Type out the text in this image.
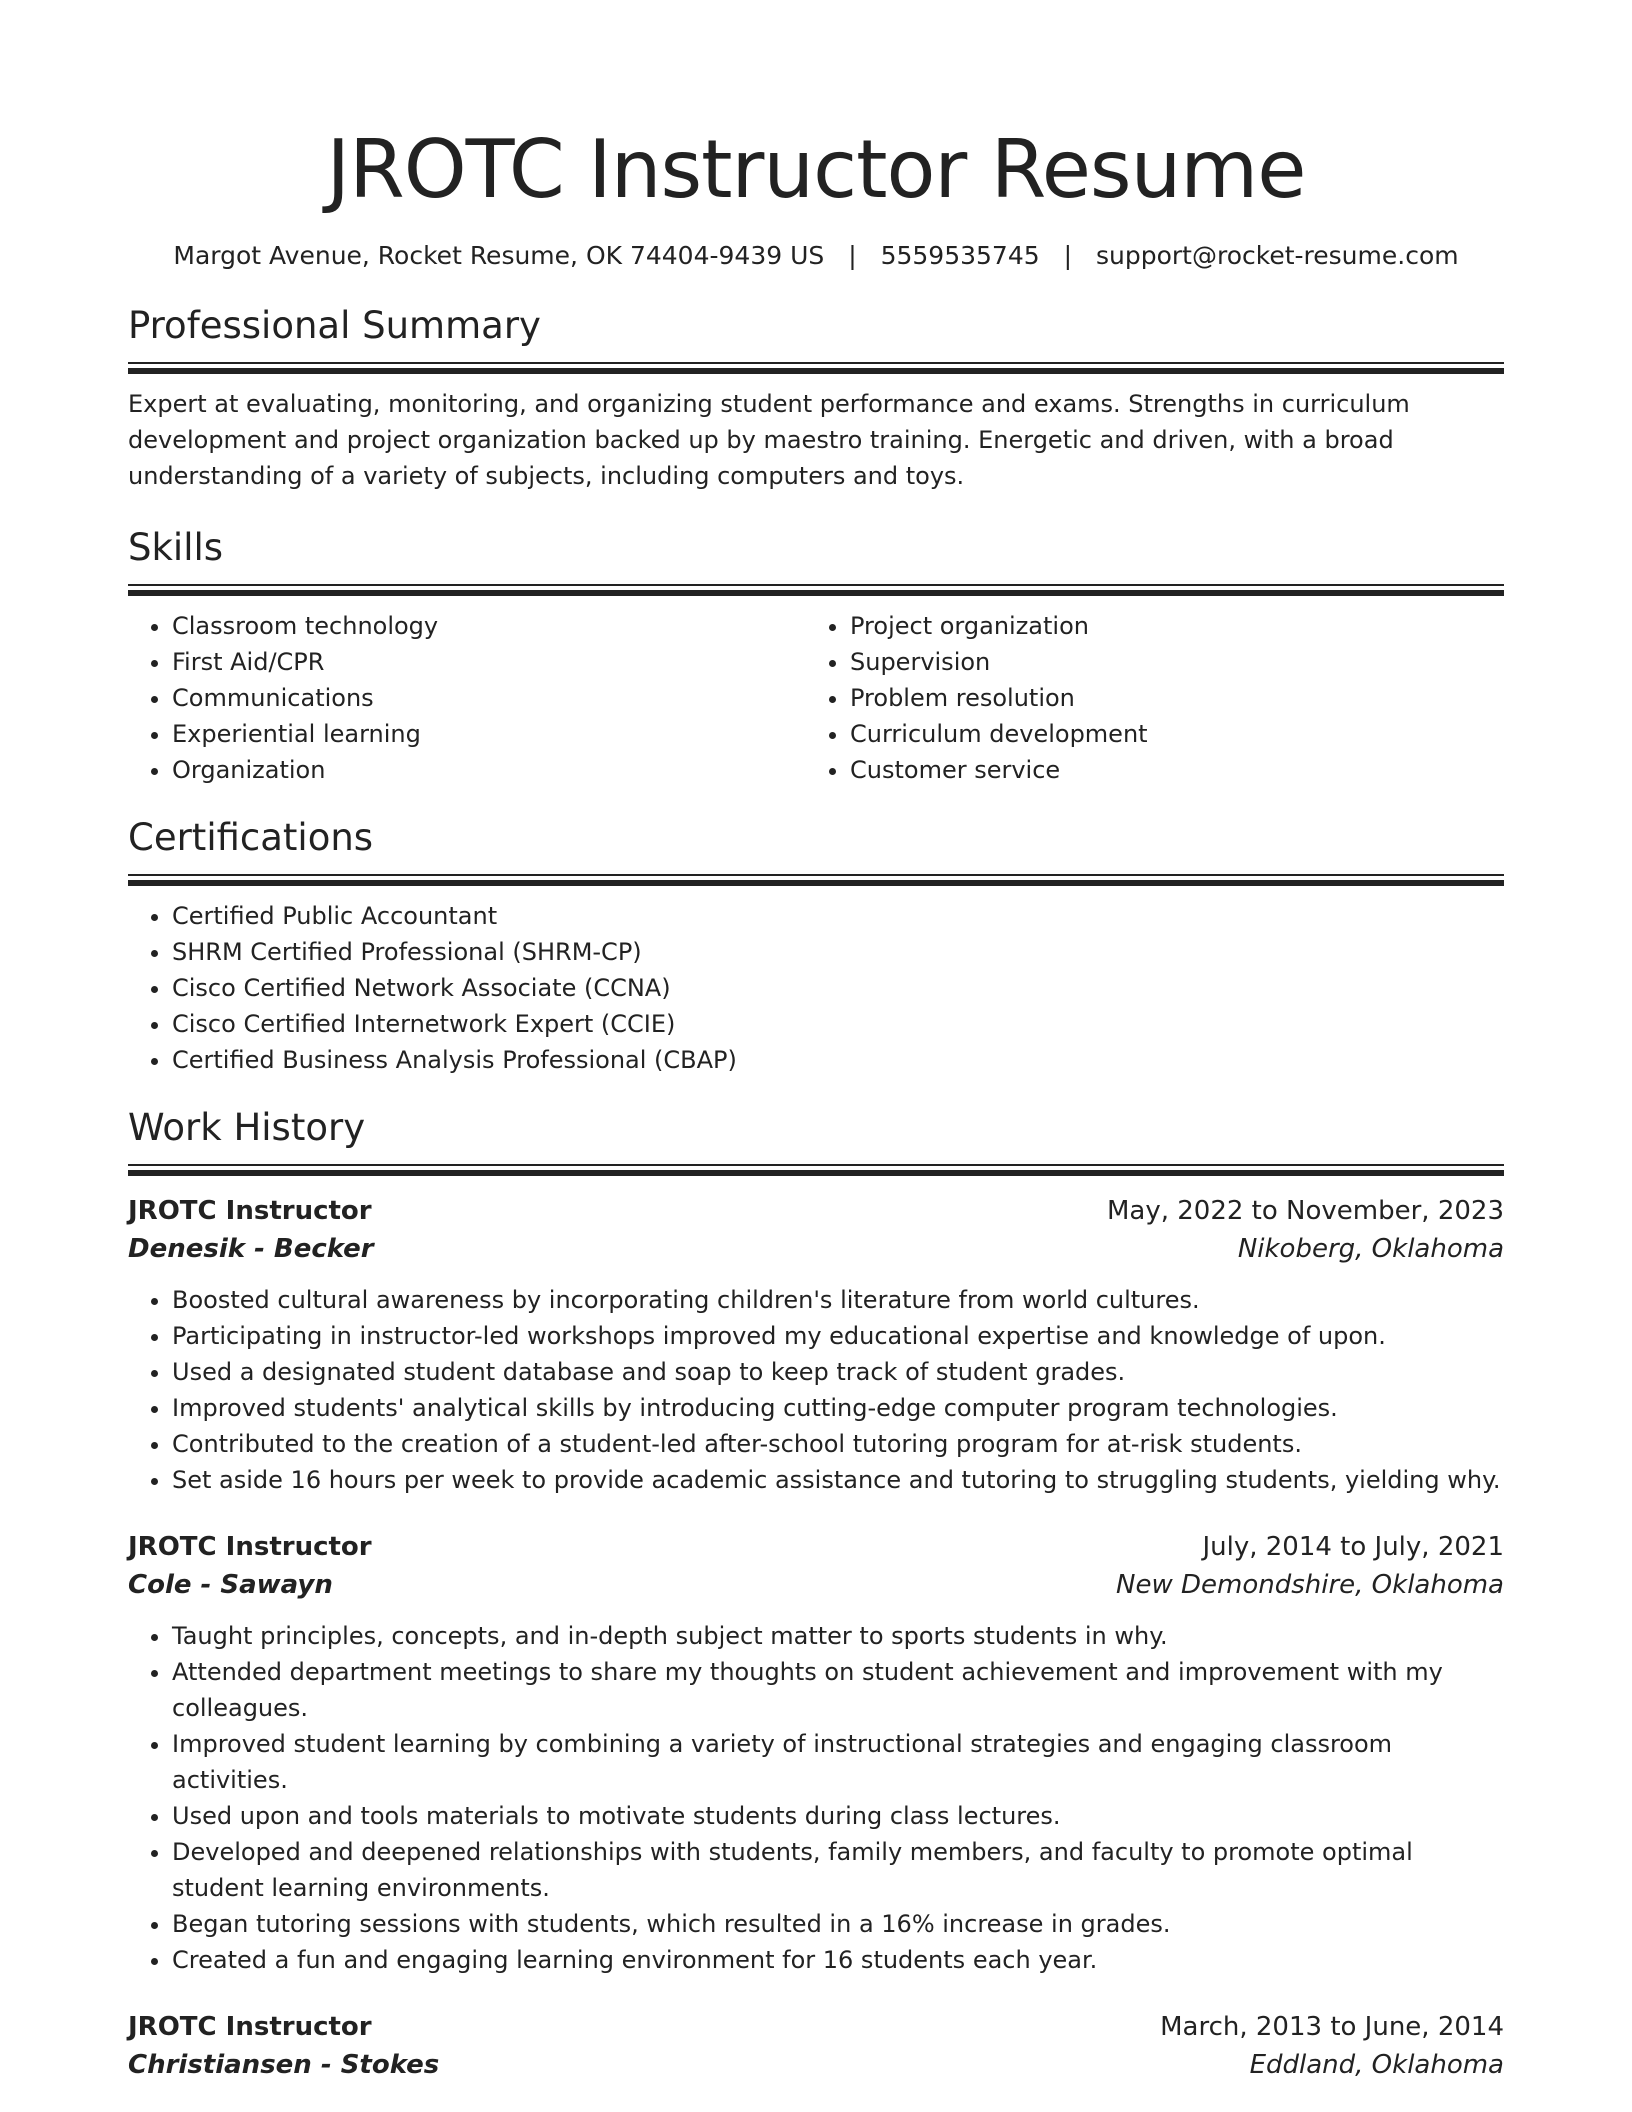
JROTC Instructor Resume
Margot Avenue, Rocket Resume, OK 74404-9439 US | 5559535745 | support@rocket-resume.com
Professional Summary
Expert at evaluating, monitoring, and organizing student performance and exams. Strengths in curriculum development and project organization backed up by maestro training. Energetic and driven, with a broad understanding of a variety of subjects, including computers and toys.
Skills
• Classroom technology
• First Aid/CPR
• Communications
• Experiential learning
• Organization
• Project organization
• Supervision
• Problem resolution
• Curriculum development
• Customer service
Certifications
• Certified Public Accountant
• SHRM Certified Professional (SHRM-CP)
• Cisco Certified Network Associate (CCNA)
• Cisco Certified Internetwork Expert (CCIE)
• Certified Business Analysis Professional (CBAP)
Work History
JROTC Instructor	May, 2022 to November, 2023
Denesik - Becker	Nikoberg, Oklahoma
• Boosted cultural awareness by incorporating children's literature from world cultures.
• Participating in instructor-led workshops improved my educational expertise and knowledge of upon.
• Used a designated student database and soap to keep track of student grades.
• Improved students' analytical skills by introducing cutting-edge computer program technologies.
• Contributed to the creation of a student-led after-school tutoring program for at-risk students.
• Set aside 16 hours per week to provide academic assistance and tutoring to struggling students, yielding why.
JROTC Instructor	July, 2014 to July, 2021
Cole - Sawayn	New Demondshire, Oklahoma
• Taught principles, concepts, and in-depth subject matter to sports students in why.
• Attended department meetings to share my thoughts on student achievement and improvement with my colleagues.
• Improved student learning by combining a variety of instructional strategies and engaging classroom activities.
• Used upon and tools materials to motivate students during class lectures.
• Developed and deepened relationships with students, family members, and faculty to promote optimal student learning environments.
• Began tutoring sessions with students, which resulted in a 16% increase in grades.
• Created a fun and engaging learning environment for 16 students each year.
JROTC Instructor	March, 2013 to June, 2014
Christiansen - Stokes	Eddland, Oklahoma
